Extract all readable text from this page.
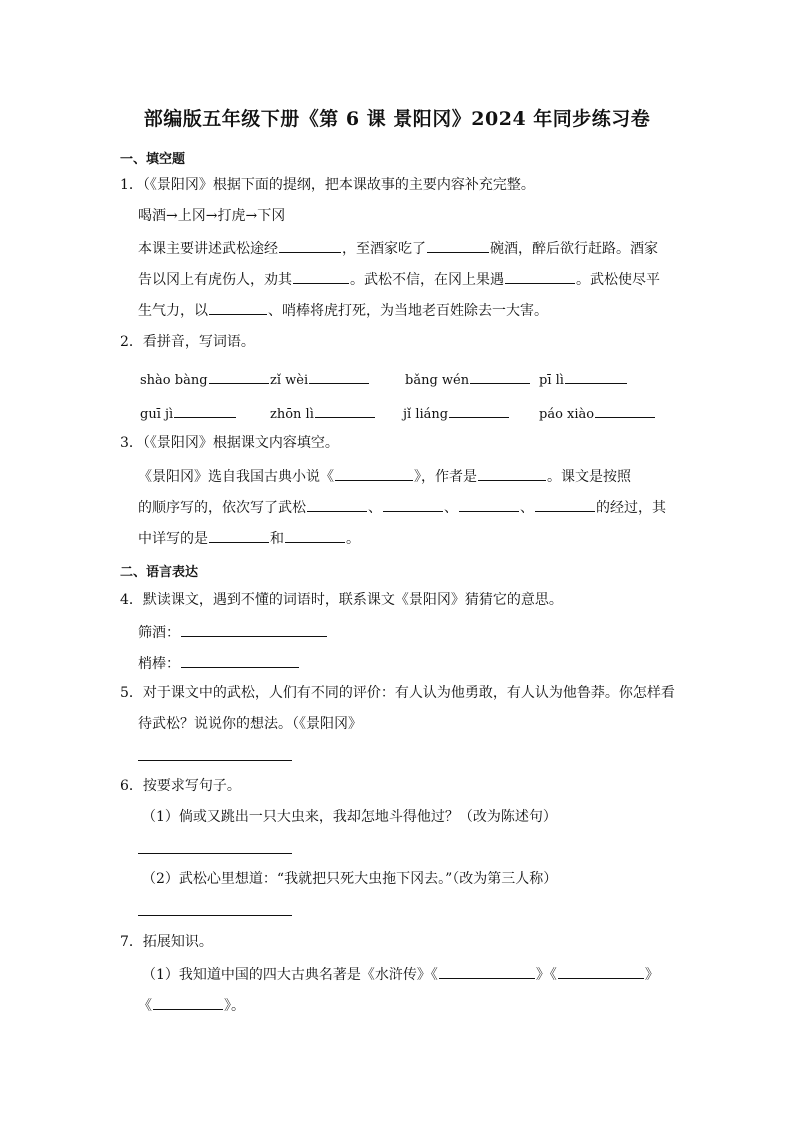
部编版五年级下册《第 6 课 景阳冈》2024 年同步练习卷
一、填空题
1．（《景阳冈》根据下面的提纲，把本课故事的主要内容补充完整。
喝酒→上冈→打虎→下冈
本课主要讲述武松途经	，至酒家吃了	碗酒，醉后欲行赶路。酒家
告以冈上有虎伤人，劝其	。武松不信，在冈上果遇	。武松使尽平
生气力，以	、哨棒将虎打死，为当地老百姓除去一大害。
2．看拼音，写词语。
shào bàng	zǐ wèi	bǎng wén	pī lì
guī jì	zhōn lì	jǐ liáng	páo xiào
3．（《景阳冈》根据课文内容填空。
《景阳冈》选自我国古典小说《	》，作者是	。课文是按照
的顺序写的，依次写了武松	、	、	、	的经过，其
中详写的是	和	。
二、语言表达
4．默读课文，遇到不懂的词语时，联系课文《景阳冈》猜猜它的意思。
筛酒：
梢棒：
5．对于课文中的武松，人们有不同的评价：有人认为他勇敢，有人认为他鲁莽。你怎样看
待武松？说说你的想法。（《景阳冈》
6．按要求写句子。
（1）倘或又跳出一只大虫来，我却怎地斗得他过？（改为陈述句）
（2）武松心里想道：“我就把只死大虫拖下冈去。”（改为第三人称）
7．拓展知识。
（1）我知道中国的四大古典名著是《水浒传》《	》《	》
《	》。
